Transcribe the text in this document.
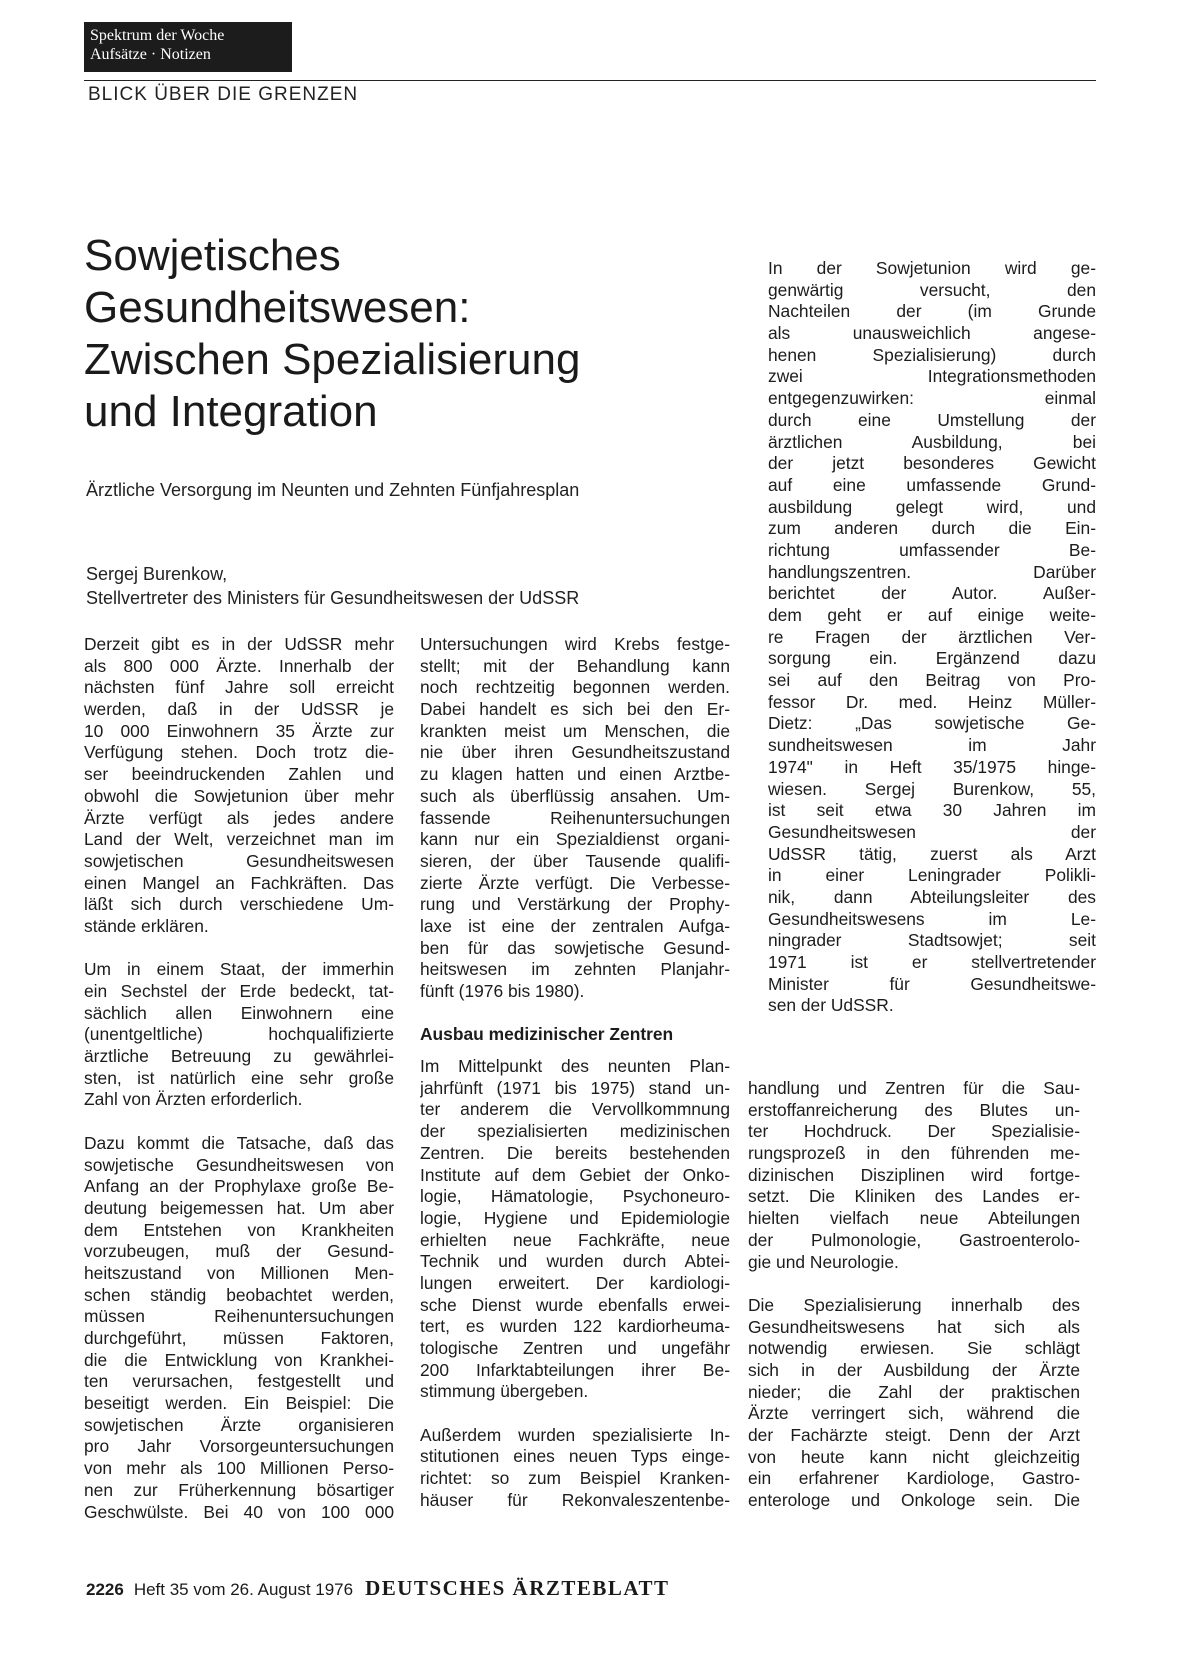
Spektrum der Woche
Aufsätze · Notizen
BLICK ÜBER DIE GRENZEN
Sowjetisches
Gesundheitswesen:
Zwischen Spezialisierung
und Integration
Ärztliche Versorgung im Neunten und Zehnten Fünfjahresplan
Sergej Burenkow,
Stellvertreter des Ministers für Gesundheitswesen der UdSSR
In der Sowjetunion wird ge-
genwärtig versucht, den
Nachteilen der (im Grunde
als unausweichlich angese-
henen Spezialisierung) durch
zwei Integrationsmethoden
entgegenzuwirken: einmal
durch eine Umstellung der
ärztlichen Ausbildung, bei
der jetzt besonderes Gewicht
auf eine umfassende Grund-
ausbildung gelegt wird, und
zum anderen durch die Ein-
richtung umfassender Be-
handlungszentren. Darüber
berichtet der Autor. Außer-
dem geht er auf einige weite-
re Fragen der ärztlichen Ver-
sorgung ein. Ergänzend dazu
sei auf den Beitrag von Pro-
fessor Dr. med. Heinz Müller-
Dietz: „Das sowjetische Ge-
sundheitswesen im Jahr
1974" in Heft 35/1975 hinge-
wiesen. Sergej Burenkow, 55,
ist seit etwa 30 Jahren im
Gesundheitswesen der
UdSSR tätig, zuerst als Arzt
in einer Leningrader Polikli-
nik, dann Abteilungsleiter des
Gesundheitswesens im Le-
ningrader Stadtsowjet; seit
1971 ist er stellvertretender
Minister für Gesundheitswe-
sen der UdSSR.
Derzeit gibt es in der UdSSR mehr
als 800 000 Ärzte. Innerhalb der
nächsten fünf Jahre soll erreicht
werden, daß in der UdSSR je
10 000 Einwohnern 35 Ärzte zur
Verfügung stehen. Doch trotz die-
ser beeindruckenden Zahlen und
obwohl die Sowjetunion über mehr
Ärzte verfügt als jedes andere
Land der Welt, verzeichnet man im
sowjetischen Gesundheitswesen
einen Mangel an Fachkräften. Das
läßt sich durch verschiedene Um-
stände erklären.
Um in einem Staat, der immerhin
ein Sechstel der Erde bedeckt, tat-
sächlich allen Einwohnern eine
(unentgeltliche) hochqualifizierte
ärztliche Betreuung zu gewährlei-
sten, ist natürlich eine sehr große
Zahl von Ärzten erforderlich.
Dazu kommt die Tatsache, daß das
sowjetische Gesundheitswesen von
Anfang an der Prophylaxe große Be-
deutung beigemessen hat. Um aber
dem Entstehen von Krankheiten
vorzubeugen, muß der Gesund-
heitszustand von Millionen Men-
schen ständig beobachtet werden,
müssen Reihenuntersuchungen
durchgeführt, müssen Faktoren,
die die Entwicklung von Krankhei-
ten verursachen, festgestellt und
beseitigt werden. Ein Beispiel: Die
sowjetischen Ärzte organisieren
pro Jahr Vorsorgeuntersuchungen
von mehr als 100 Millionen Perso-
nen zur Früherkennung bösartiger
Geschwülste. Bei 40 von 100 000
Untersuchungen wird Krebs festge-
stellt; mit der Behandlung kann
noch rechtzeitig begonnen werden.
Dabei handelt es sich bei den Er-
krankten meist um Menschen, die
nie über ihren Gesundheitszustand
zu klagen hatten und einen Arztbe-
such als überflüssig ansahen. Um-
fassende Reihenuntersuchungen
kann nur ein Spezialdienst organi-
sieren, der über Tausende qualifi-
zierte Ärzte verfügt. Die Verbesse-
rung und Verstärkung der Prophy-
laxe ist eine der zentralen Aufga-
ben für das sowjetische Gesund-
heitswesen im zehnten Planjahr-
fünft (1976 bis 1980).
Ausbau medizinischer Zentren
Im Mittelpunkt des neunten Plan-
jahrfünft (1971 bis 1975) stand un-
ter anderem die Vervollkommnung
der spezialisierten medizinischen
Zentren. Die bereits bestehenden
Institute auf dem Gebiet der Onko-
logie, Hämatologie, Psychoneuro-
logie, Hygiene und Epidemiologie
erhielten neue Fachkräfte, neue
Technik und wurden durch Abtei-
lungen erweitert. Der kardiologi-
sche Dienst wurde ebenfalls erwei-
tert, es wurden 122 kardiorheuma-
tologische Zentren und ungefähr
200 Infarktabteilungen ihrer Be-
stimmung übergeben.
Außerdem wurden spezialisierte In-
stitutionen eines neuen Typs einge-
richtet: so zum Beispiel Kranken-
häuser für Rekonvaleszentenbe-
handlung und Zentren für die Sau-
erstoffanreicherung des Blutes un-
ter Hochdruck. Der Spezialisie-
rungsprozeß in den führenden me-
dizinischen Disziplinen wird fortge-
setzt. Die Kliniken des Landes er-
hielten vielfach neue Abteilungen
der Pulmonologie, Gastroenterolo-
gie und Neurologie.
Die Spezialisierung innerhalb des
Gesundheitswesens hat sich als
notwendig erwiesen. Sie schlägt
sich in der Ausbildung der Ärzte
nieder; die Zahl der praktischen
Ärzte verringert sich, während die
der Fachärzte steigt. Denn der Arzt
von heute kann nicht gleichzeitig
ein erfahrener Kardiologe, Gastro-
enterologe und Onkologe sein. Die
2226 Heft 35 vom 26. August 1976 DEUTSCHES ÄRZTEBLATT
